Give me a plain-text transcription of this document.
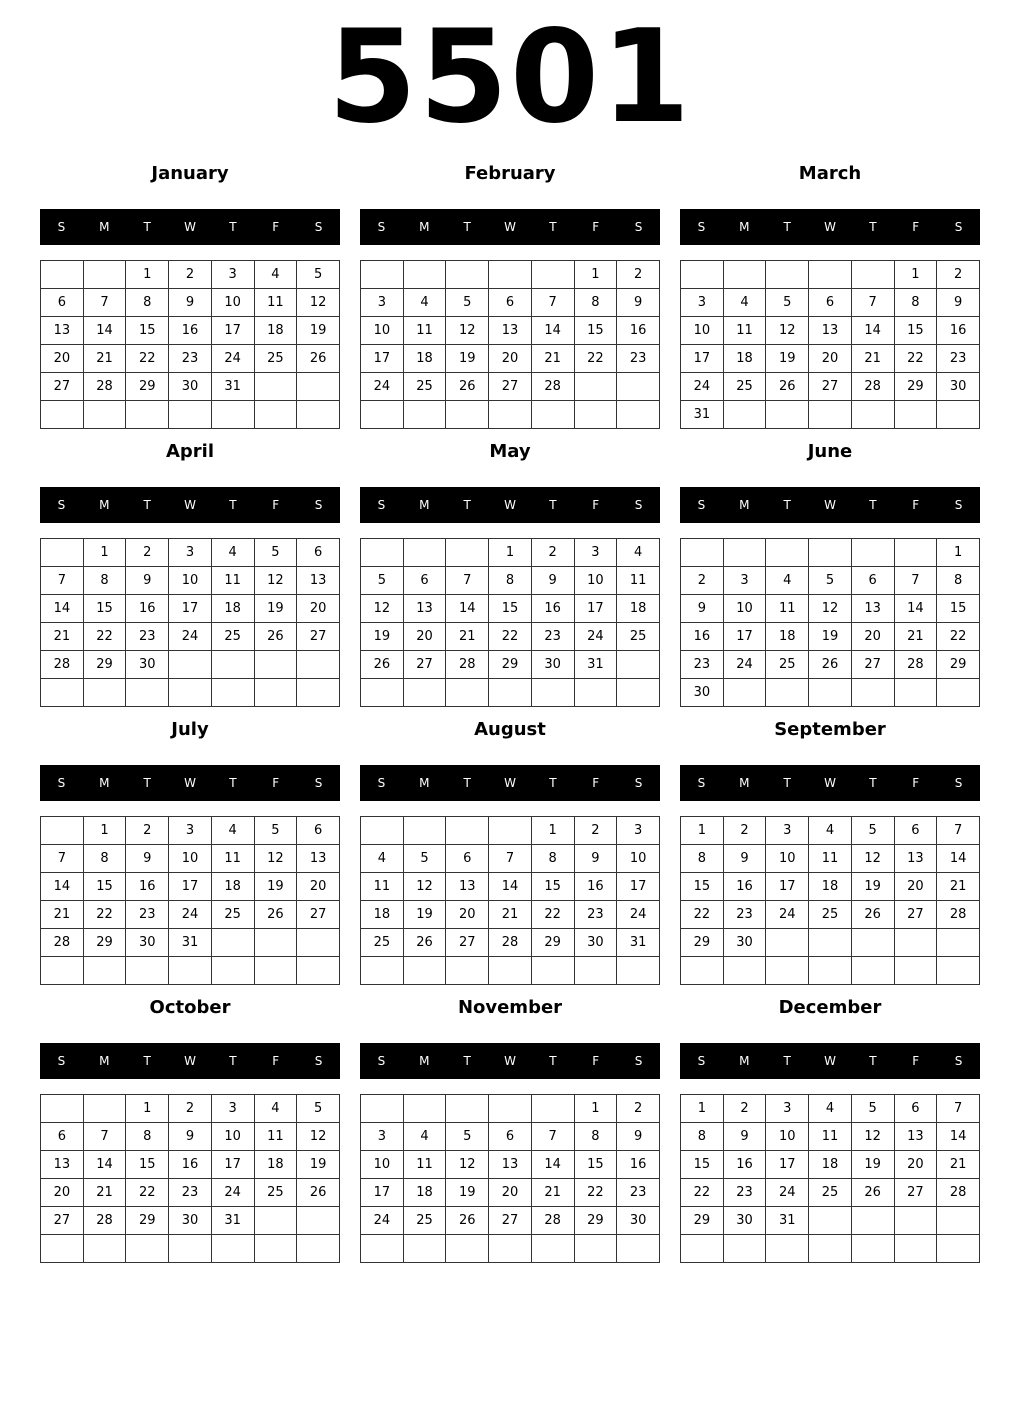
5501
January
S	M	T	W	T	F	S
		1	2	3	4	5
6	7	8	9	10	11	12
13	14	15	16	17	18	19
20	21	22	23	24	25	26
27	28	29	30	31		

February
S	M	T	W	T	F	S
					1	2
3	4	5	6	7	8	9
10	11	12	13	14	15	16
17	18	19	20	21	22	23
24	25	26	27	28		

March
S	M	T	W	T	F	S
					1	2
3	4	5	6	7	8	9
10	11	12	13	14	15	16
17	18	19	20	21	22	23
24	25	26	27	28	29	30
31						
April
S	M	T	W	T	F	S
	1	2	3	4	5	6
7	8	9	10	11	12	13
14	15	16	17	18	19	20
21	22	23	24	25	26	27
28	29	30				

May
S	M	T	W	T	F	S
			1	2	3	4
5	6	7	8	9	10	11
12	13	14	15	16	17	18
19	20	21	22	23	24	25
26	27	28	29	30	31	

June
S	M	T	W	T	F	S
						1
2	3	4	5	6	7	8
9	10	11	12	13	14	15
16	17	18	19	20	21	22
23	24	25	26	27	28	29
30						
July
S	M	T	W	T	F	S
	1	2	3	4	5	6
7	8	9	10	11	12	13
14	15	16	17	18	19	20
21	22	23	24	25	26	27
28	29	30	31			

August
S	M	T	W	T	F	S
				1	2	3
4	5	6	7	8	9	10
11	12	13	14	15	16	17
18	19	20	21	22	23	24
25	26	27	28	29	30	31

September
S	M	T	W	T	F	S
1	2	3	4	5	6	7
8	9	10	11	12	13	14
15	16	17	18	19	20	21
22	23	24	25	26	27	28
29	30					

October
S	M	T	W	T	F	S
		1	2	3	4	5
6	7	8	9	10	11	12
13	14	15	16	17	18	19
20	21	22	23	24	25	26
27	28	29	30	31		

November
S	M	T	W	T	F	S
					1	2
3	4	5	6	7	8	9
10	11	12	13	14	15	16
17	18	19	20	21	22	23
24	25	26	27	28	29	30

December
S	M	T	W	T	F	S
1	2	3	4	5	6	7
8	9	10	11	12	13	14
15	16	17	18	19	20	21
22	23	24	25	26	27	28
29	30	31				
